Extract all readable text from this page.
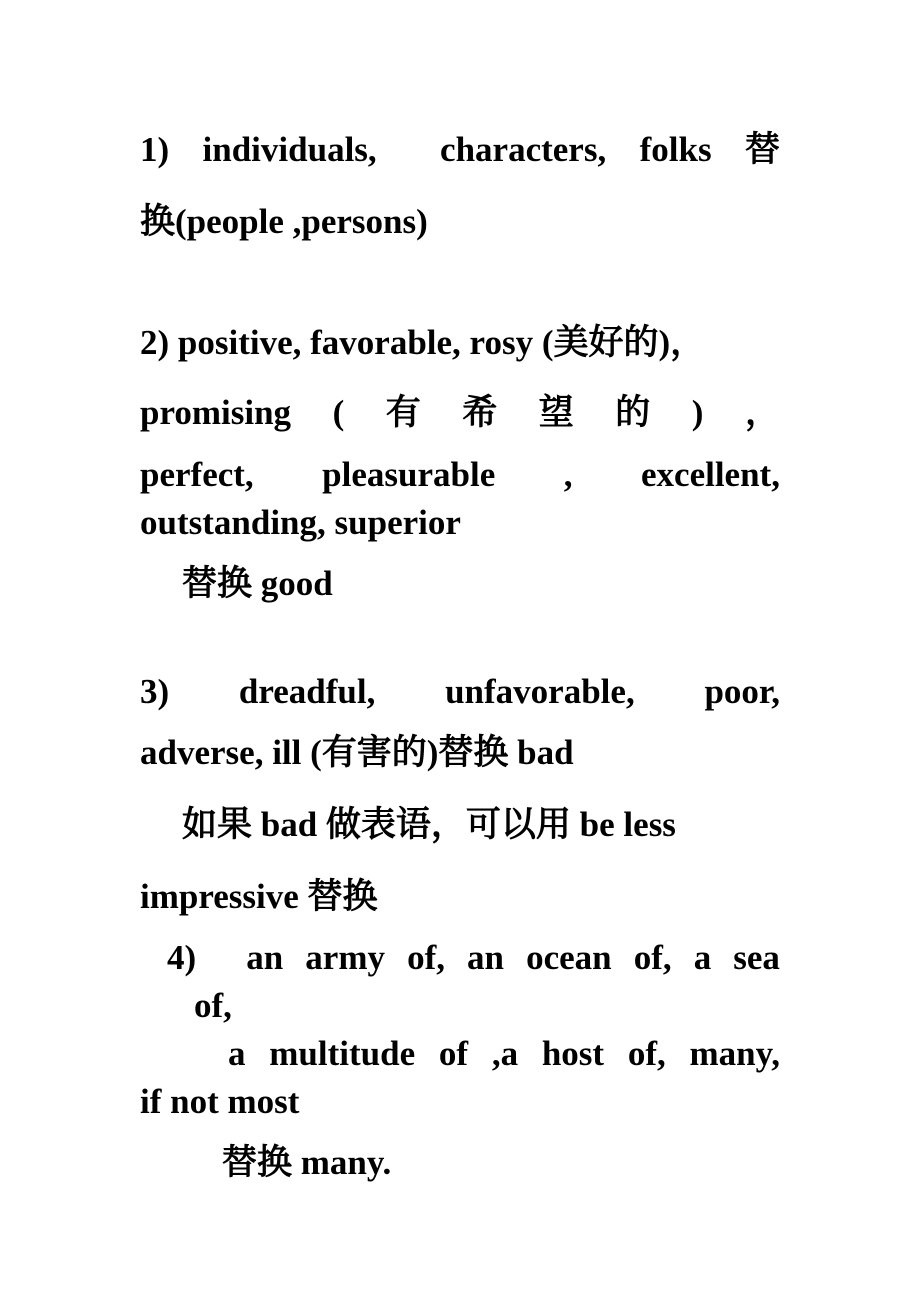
1) individuals, characters, folks 替
换(people ,persons)
2) positive, favorable, rosy (美好的)，
promising ( 有 希 望 的 ) ，
perfect, pleasurable , excellent,
outstanding, superior
替换 good
3) dreadful, unfavorable, poor,
adverse, ill (有害的)替换 bad
如果 bad 做表语，可以用 be less
impressive 替换
4) an army of, an ocean of, a sea
of,
a multitude of ,a host of, many,
if not most
替换 many.
